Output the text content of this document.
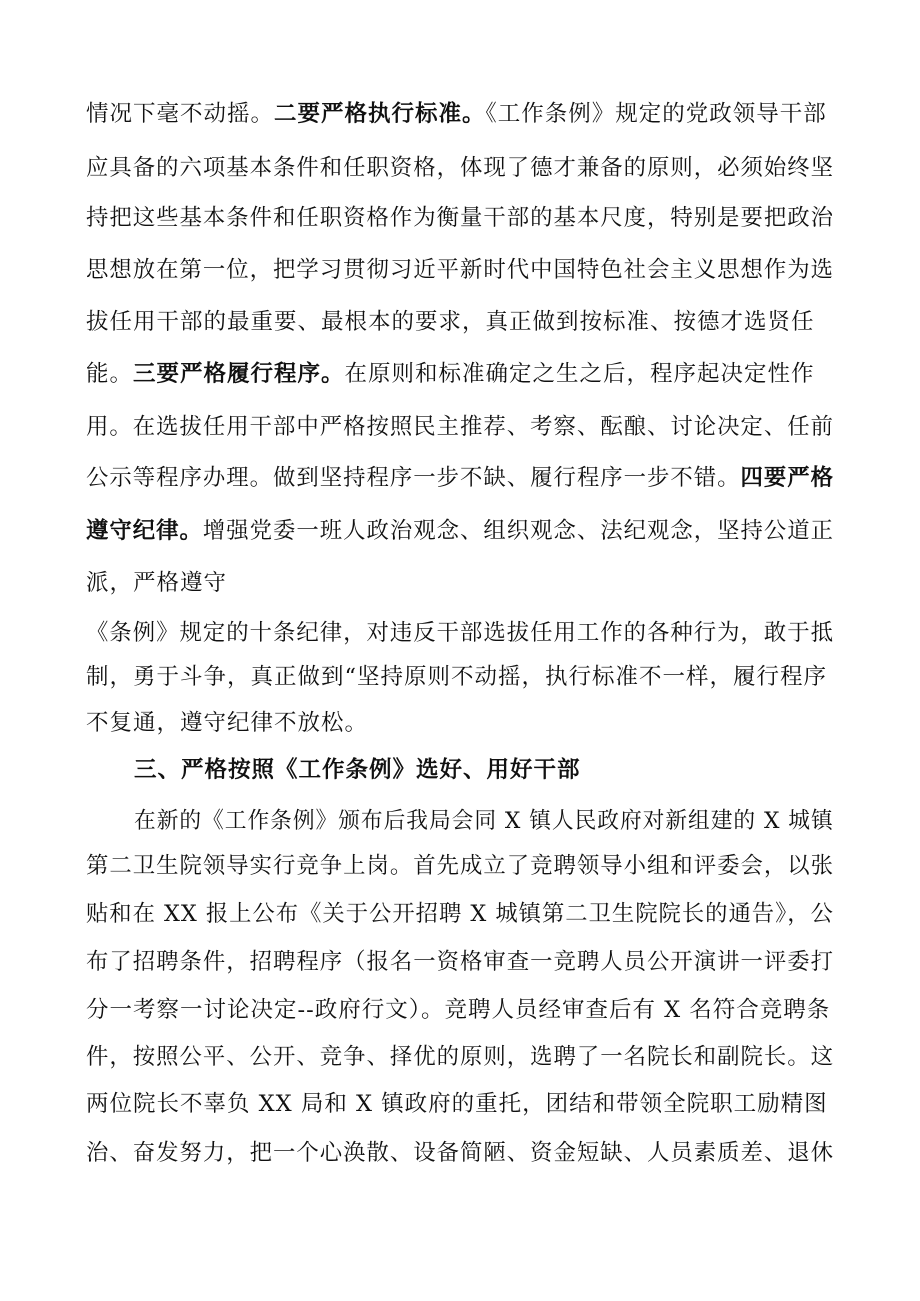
情况下毫不动摇。二要严格执行标准。《工作条例》规定的党政领导干部
应具备的六项基本条件和任职资格，体现了德才兼备的原则，必须始终坚
持把这些基本条件和任职资格作为衡量干部的基本尺度，特别是要把政治
思想放在第一位，把学习贯彻习近平新时代中国特色社会主义思想作为选
拔任用干部的最重要、最根本的要求，真正做到按标准、按德才选贤任
能。三要严格履行程序。在原则和标准确定之生之后，程序起决定性作
用。在选拔任用干部中严格按照民主推荐、考察、酝酿、讨论决定、任前
公示等程序办理。做到坚持程序一步不缺、履行程序一步不错。四要严格
遵守纪律。增强党委一班人政治观念、组织观念、法纪观念，坚持公道正
派，严格遵守
《条例》规定的十条纪律，对违反干部选拔任用工作的各种行为，敢于抵
制，勇于斗争，真正做到“坚持原则不动摇，执行标准不一样，履行程序
不复通，遵守纪律不放松。
三、严格按照《工作条例》选好、用好干部
在新的《工作条例》颁布后我局会同 X 镇人民政府对新组建的 X 城镇
第二卫生院领导实行竞争上岗。首先成立了竞聘领导小组和评委会，以张
贴和在 XX 报上公布《关于公开招聘 X 城镇第二卫生院院长的通告》，公
布了招聘条件，招聘程序（报名一资格审查一竞聘人员公开演讲一评委打
分一考察一讨论决定--政府行文）。竞聘人员经审查后有 X 名符合竞聘条
件，按照公平、公开、竞争、择优的原则，选聘了一名院长和副院长。这
两位院长不辜负 XX 局和 X 镇政府的重托，团结和带领全院职工励精图
治、奋发努力，把一个心涣散、设备简陋、资金短缺、人员素质差、退休
